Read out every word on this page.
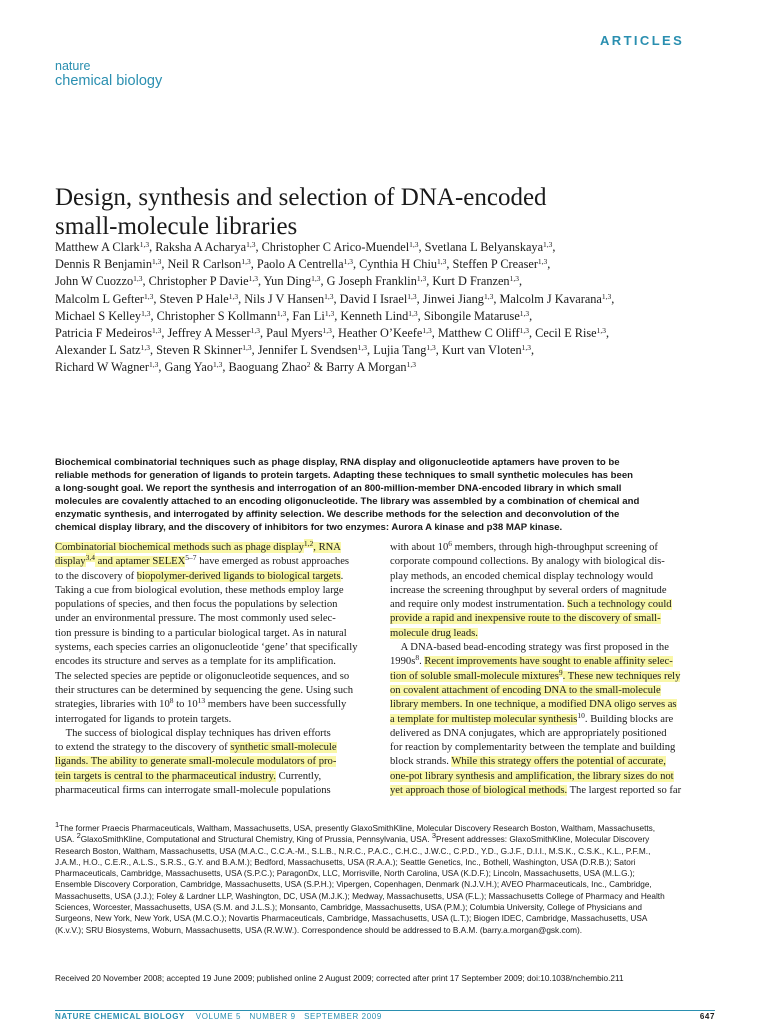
ARTICLES
nature
chemical biology
Design, synthesis and selection of DNA-encoded
small-molecule libraries
Matthew A Clark$^{1,3}$, Raksha A Acharya$^{1,3}$, Christopher C Arico-Muendel$^{1,3}$, Svetlana L Belyanskaya$^{1,3}$,
Dennis R Benjamin$^{1,3}$, Neil R Carlson$^{1,3}$, Paolo A Centrella$^{1,3}$, Cynthia H Chiu$^{1,3}$, Steffen P Creaser$^{1,3}$,
John W Cuozzo$^{1,3}$, Christopher P Davie$^{1,3}$, Yun Ding$^{1,3}$, G Joseph Franklin$^{1,3}$, Kurt D Franzen$^{1,3}$,
Malcolm L Gefter$^{1,3}$, Steven P Hale$^{1,3}$, Nils J V Hansen$^{1,3}$, David I Israel$^{1,3}$, Jinwei Jiang$^{1,3}$, Malcolm J Kavarana$^{1,3}$,
Michael S Kelley$^{1,3}$, Christopher S Kollmann$^{1,3}$, Fan Li$^{1,3}$, Kenneth Lind$^{1,3}$, Sibongile Mataruse$^{1,3}$,
Patricia F Medeiros$^{1,3}$, Jeffrey A Messer$^{1,3}$, Paul Myers$^{1,3}$, Heather O’Keefe$^{1,3}$, Matthew C Oliff$^{1,3}$, Cecil E Rise$^{1,3}$,
Alexander L Satz$^{1,3}$, Steven R Skinner$^{1,3}$, Jennifer L Svendsen$^{1,3}$, Lujia Tang$^{1,3}$, Kurt van Vloten$^{1,3}$,
Richard W Wagner$^{1,3}$, Gang Yao$^{1,3}$, Baoguang Zhao$^2$ & Barry A Morgan$^{1,3}$
Biochemical combinatorial techniques such as phage display, RNA display and oligonucleotide aptamers have proven to be
reliable methods for generation of ligands to protein targets. Adapting these techniques to small synthetic molecules has been
a long-sought goal. We report the synthesis and interrogation of an 800-million-member DNA-encoded library in which small
molecules are covalently attached to an encoding oligonucleotide. The library was assembled by a combination of chemical and
enzymatic synthesis, and interrogated by affinity selection. We describe methods for the selection and deconvolution of the
chemical display library, and the discovery of inhibitors for two enzymes: Aurora A kinase and p38 MAP kinase.
Combinatorial biochemical methods such as phage display$^{1,2}$, RNA
display$^{3,4}$ and aptamer SELEX$^{5-7}$ have emerged as robust approaches
to the discovery of biopolymer-derived ligands to biological targets.
Taking a cue from biological evolution, these methods employ large
populations of species, and then focus the populations by selection
under an environmental pressure. The most commonly used selec-
tion pressure is binding to a particular biological target. As in natural
systems, each species carries an oligonucleotide ‘gene’ that specifically
encodes its structure and serves as a template for its amplification.
The selected species are peptide or oligonucleotide sequences, and so
their structures can be determined by sequencing the gene. Using such
strategies, libraries with $10^8$ to $10^{13}$ members have been successfully
interrogated for ligands to protein targets.
 The success of biological display techniques has driven efforts
to extend the strategy to the discovery of synthetic small-molecule
ligands. The ability to generate small-molecule modulators of pro-
tein targets is central to the pharmaceutical industry. Currently,
pharmaceutical firms can interrogate small-molecule populations
with about $10^6$ members, through high-throughput screening of
corporate compound collections. By analogy with biological dis-
play methods, an encoded chemical display technology would
increase the screening throughput by several orders of magnitude
and require only modest instrumentation. Such a technology could
provide a rapid and inexpensive route to the discovery of small-
molecule drug leads.
 A DNA-based bead-encoding strategy was first proposed in the
$1990s^8$. Recent improvements have sought to enable affinity selec-
tion of soluble small-molecule mixtures$^9$. These new techniques rely
on covalent attachment of encoding DNA to the small-molecule
library members. In one technique, a modified DNA oligo serves as
a template for multistep molecular synthesis$^{10}$. Building blocks are
delivered as DNA conjugates, which are appropriately positioned
for reaction by complementarity between the template and building
block strands. While this strategy offers the potential of accurate,
one-pot library synthesis and amplification, the library sizes do not
yet approach those of biological methods. The largest reported so far
$^1$The former Praecis Pharmaceuticals, Waltham, Massachusetts, USA, presently GlaxoSmithKline, Molecular Discovery Research Boston, Waltham, Massachusetts,
USA. $^2$GlaxoSmithKline, Computational and Structural Chemistry, King of Prussia, Pennsylvania, USA. $^3$Present addresses: GlaxoSmithKline, Molecular Discovery
Research Boston, Waltham, Massachusetts, USA (M.A.C., C.C.A.-M., S.L.B., N.R.C., P.A.C., C.H.C., J.W.C., C.P.D., Y.D., G.J.F., D.I.I., M.S.K., C.S.K., K.L., P.F.M.,
J.A.M., H.O., C.E.R., A.L.S., S.R.S., G.Y. and B.A.M.); Bedford, Massachusetts, USA (R.A.A.); Seattle Genetics, Inc., Bothell, Washington, USA (D.R.B.); Satori
Pharmaceuticals, Cambridge, Massachusetts, USA (S.P.C.); ParagonDx, LLC, Morrisville, North Carolina, USA (K.D.F.); Lincoln, Massachusetts, USA (M.L.G.);
Ensemble Discovery Corporation, Cambridge, Massachusetts, USA (S.P.H.); Vipergen, Copenhagen, Denmark (N.J.V.H.); AVEO Pharmaceuticals, Inc., Cambridge,
Massachusetts, USA (J.J.); Foley & Lardner LLP, Washington, DC, USA (M.J.K.); Medway, Massachusetts, USA (F.L.); Massachusetts College of Pharmacy and Health
Sciences, Worcester, Massachusetts, USA (S.M. and J.L.S.); Monsanto, Cambridge, Massachusetts, USA (P.M.); Columbia University, College of Physicians and
Surgeons, New York, New York, USA (M.C.O.); Novartis Pharmaceuticals, Cambridge, Massachusetts, USA (L.T.); Biogen IDEC, Cambridge, Massachusetts, USA
(K.v.V.); SRU Biosystems, Woburn, Massachusetts, USA (R.W.W.). Correspondence should be addressed to B.A.M. (barry.a.morgan@gsk.com).
Received 20 November 2008; accepted 19 June 2009; published online 2 August 2009; corrected after print 17 September 2009; doi:10.1038/nchembio.211
NATURE CHEMICAL BIOLOGY VOLUME 5   NUMBER 9   SEPTEMBER 2009	647
